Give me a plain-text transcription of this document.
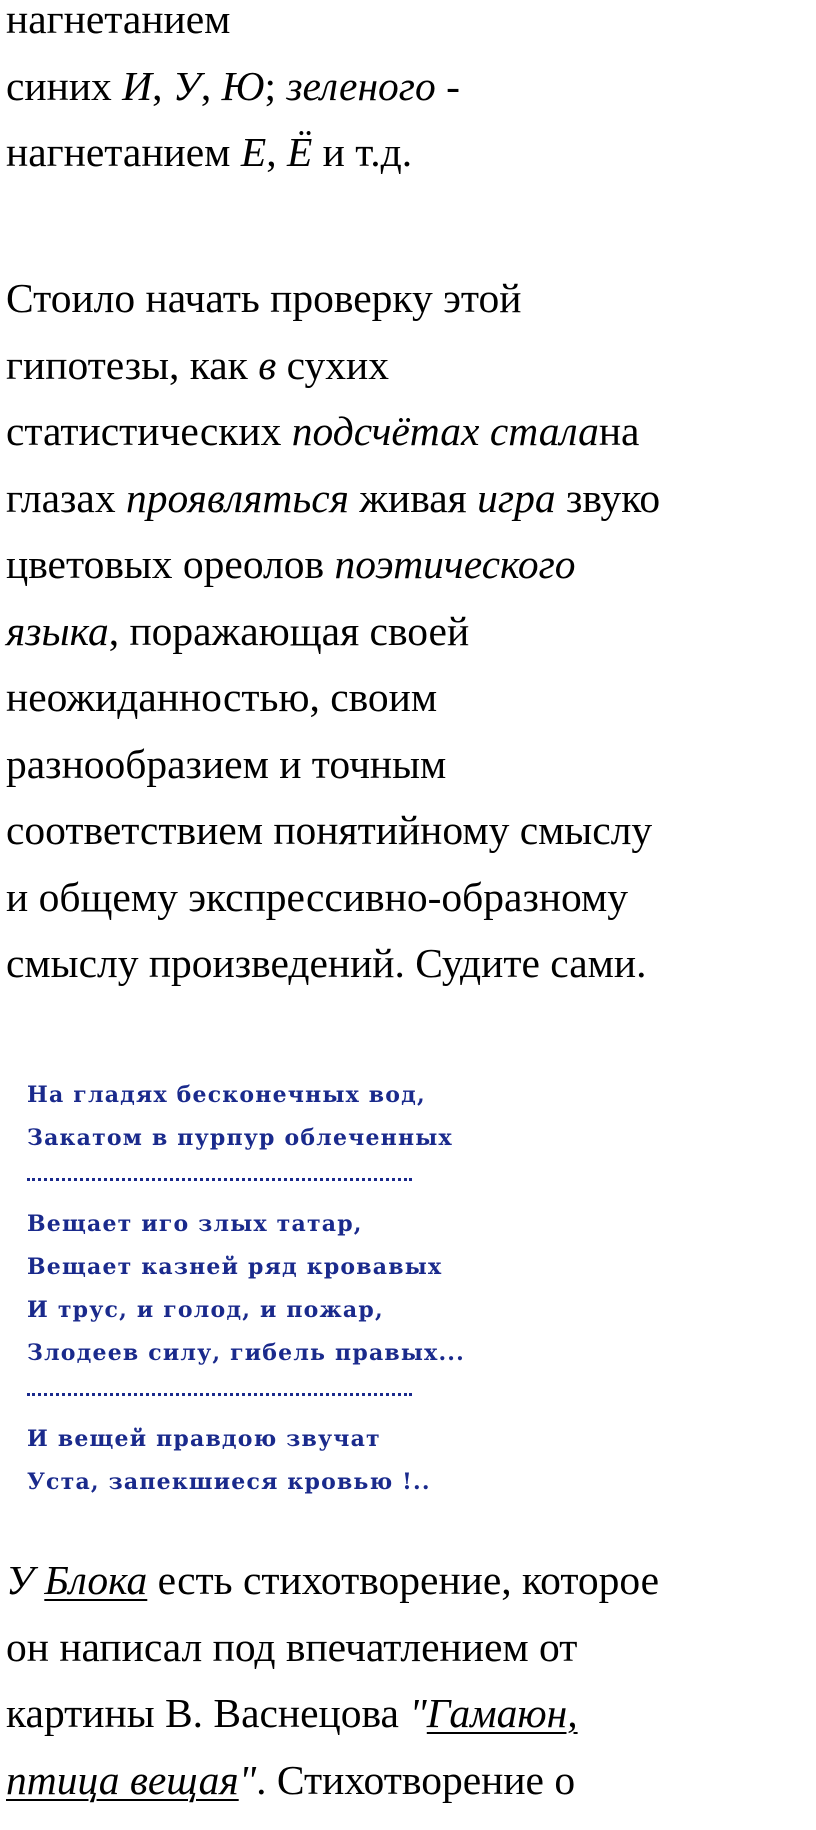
нагнетанием
синих И, У, Ю; зеленого -
нагнетанием Е, Ё и т.д.
Стоило начать проверку этой
гипотезы, как в сухих
статистических подсчётах сталана
глазах проявляться живая игра звуко
цветовых ореолов поэтического
языка, поражающая своей
неожиданностью, своим
разнообразием и точным
соответствием понятийному смыслу
и общему экспрессивно-образному
смыслу произведений. Судите сами.
На гладях бесконечных вод,
Закатом в пурпур облеченных
Вещает иго злых татар,
Вещает казней ряд кровавых
И трус, и голод, и пожар,
Злодеев силу, гибель правых...
И вещей правдою звучат
Уста, запекшиеся кровью !..
У Блока есть стихотворение, которое
он написал под впечатлением от
картины В. Васнецова "Гамаюн,
птица вещая". Стихотворение о
